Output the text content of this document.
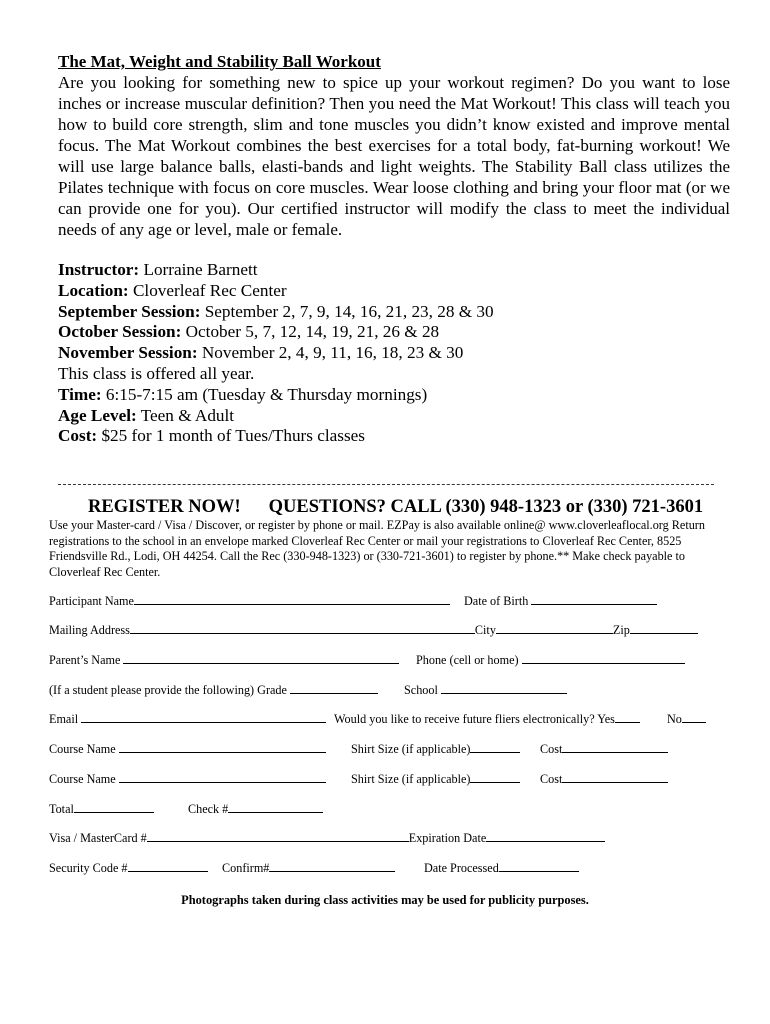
The Mat, Weight and Stability Ball Workout

Are you looking for something new to spice up your workout regimen? Do you want to lose inches or increase muscular definition? Then you need the Mat Workout! This class will teach you how to build core strength, slim and tone muscles you didn’t know existed and improve mental focus. The Mat Workout combines the best exercises for a total body, fat-burning workout! We will use large balance balls, elasti-bands and light weights. The Stability Ball class utilizes the Pilates technique with focus on core muscles. Wear loose clothing and bring your floor mat (or we can provide one for you). Our certified instructor will modify the class to meet the individual needs of any age or level, male or female.

Instructor: Lorraine Barnett
Location: Cloverleaf Rec Center
September Session: September 2, 7, 9, 14, 16, 21, 23, 28 & 30
October Session: October 5, 7, 12, 14, 19, 21, 26 & 28
November Session: November 2, 4, 9, 11, 16, 18, 23 & 30
This class is offered all year.
Time: 6:15-7:15 am (Tuesday & Thursday mornings)
Age Level: Teen & Adult
Cost: $25 for 1 month of Tues/Thurs classes
REGISTER NOW! QUESTIONS? CALL (330) 948-1323 or (330) 721-3601
Use your Master-card / Visa / Discover, or register by phone or mail. EZPay is also available online@ www.cloverleaflocal.org Return registrations to the school in an envelope marked Cloverleaf Rec Center or mail your registrations to Cloverleaf Rec Center, 8525 Friendsville Rd., Lodi, OH 44254. Call the Rec (330-948-1323) or (330-721-3601) to register by phone.** Make check payable to Cloverleaf Rec Center.
Participant Name	Date of Birth
Mailing Address	City	Zip
Parent’s Name	Phone (cell or home)
(If a student please provide the following) Grade	School
Email	Would you like to receive future fliers electronically? Yes	No
Course Name	Shirt Size (if applicable)	Cost
Course Name	Shirt Size (if applicable)	Cost
Total	Check #
Visa / MasterCard #	Expiration Date
Security Code #	Confirm#	Date Processed
Photographs taken during class activities may be used for publicity purposes.
